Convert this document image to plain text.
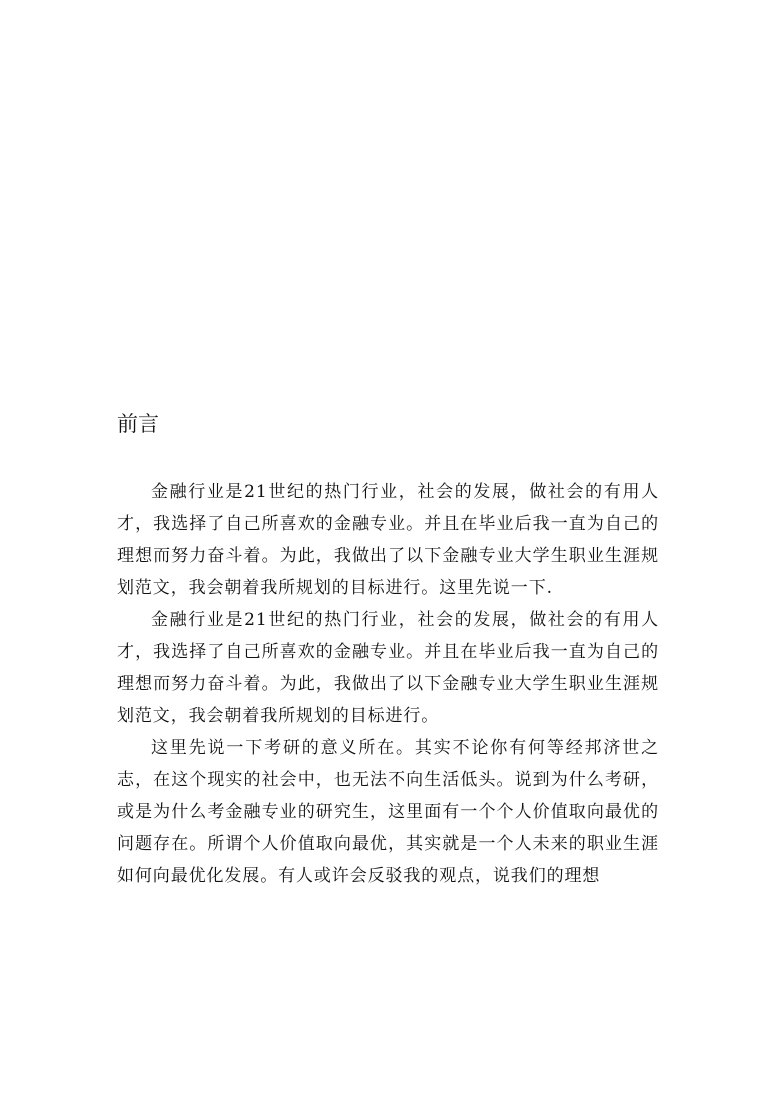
前言

金融行业是21世纪的热门行业，社会的发展，做社会的有用人才，我选择了自己所喜欢的金融专业。并且在毕业后我一直为自己的理想而努力奋斗着。为此，我做出了以下金融专业大学生职业生涯规划范文，我会朝着我所规划的目标进行。这里先说一下.

金融行业是21世纪的热门行业，社会的发展，做社会的有用人才，我选择了自己所喜欢的金融专业。并且在毕业后我一直为自己的理想而努力奋斗着。为此，我做出了以下金融专业大学生职业生涯规划范文，我会朝着我所规划的目标进行。

这里先说一下考研的意义所在。其实不论你有何等经邦济世之志，在这个现实的社会中，也无法不向生活低头。说到为什么考研，或是为什么考金融专业的研究生，这里面有一个个人价值取向最优的问题存在。所谓个人价值取向最优，其实就是一个人未来的职业生涯如何向最优化发展。有人或许会反驳我的观点，说我们的理想
